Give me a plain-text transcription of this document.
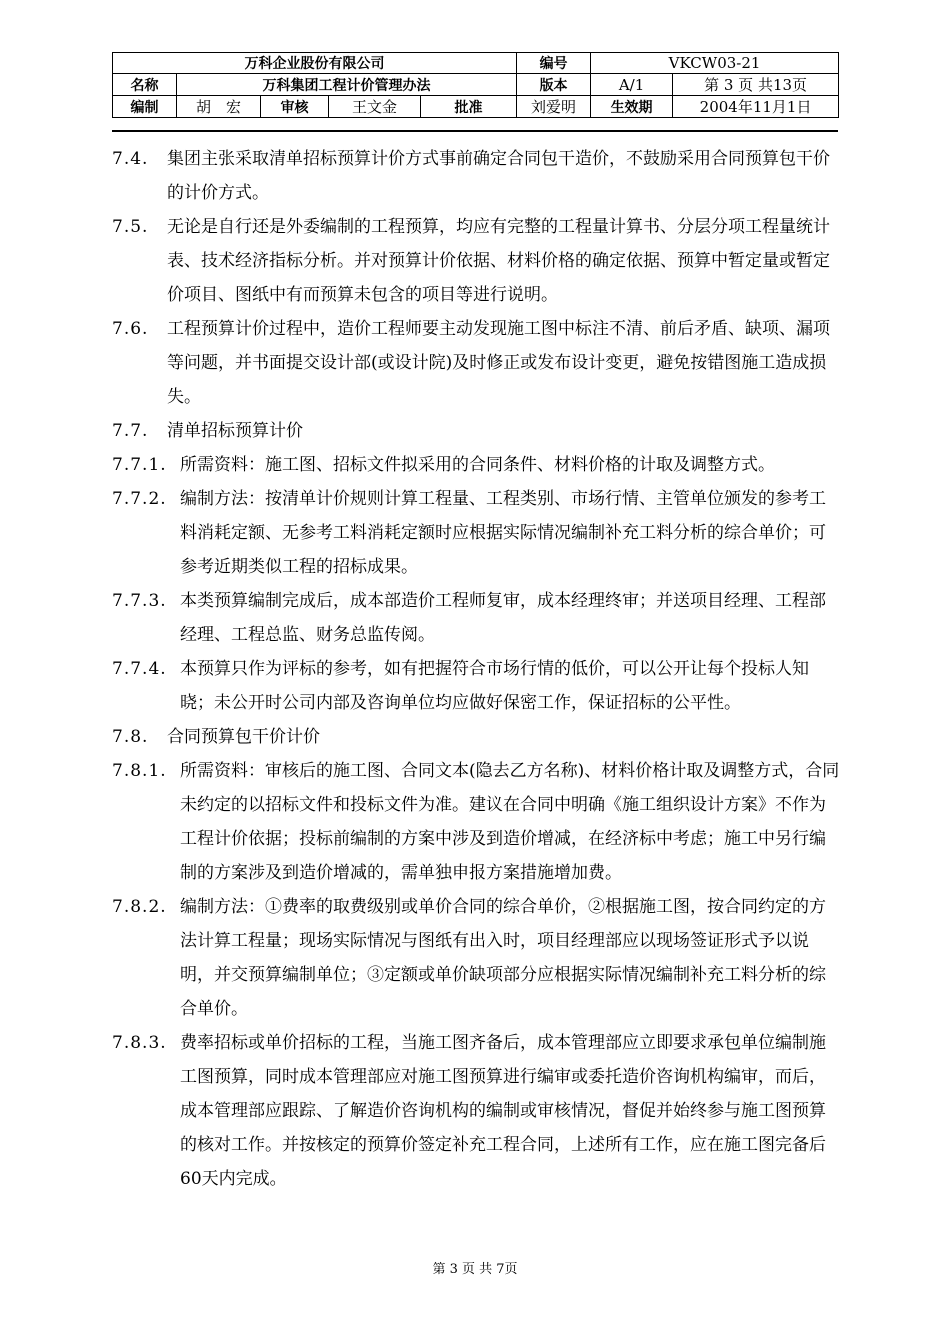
万科企业股份有限公司					编号	VKCW03-21	
名称	万科集团工程计价管理办法				版本	A/1	第 3 页 共13页
编制	胡　宏	审核	王文金	批准	刘爱明	生效期	2004年11月1日
7.4.	集团主张采取清单招标预算计价方式事前确定合同包干造价，不鼓励采用合同预算包干价的计价方式。
7.5.	无论是自行还是外委编制的工程预算，均应有完整的工程量计算书、分层分项工程量统计表、技术经济指标分析。并对预算计价依据、材料价格的确定依据、预算中暂定量或暂定价项目、图纸中有而预算未包含的项目等进行说明。
7.6.	工程预算计价过程中，造价工程师要主动发现施工图中标注不清、前后矛盾、缺项、漏项等问题，并书面提交设计部(或设计院)及时修正或发布设计变更，避免按错图施工造成损失。
7.7.	清单招标预算计价
7.7.1. 所需资料：施工图、招标文件拟采用的合同条件、材料价格的计取及调整方式。
7.7.2. 编制方法：按清单计价规则计算工程量、工程类别、市场行情、主管单位颁发的参考工料消耗定额、无参考工料消耗定额时应根据实际情况编制补充工料分析的综合单价；可参考近期类似工程的招标成果。
7.7.3. 本类预算编制完成后，成本部造价工程师复审，成本经理终审；并送项目经理、工程部经理、工程总监、财务总监传阅。
7.7.4. 本预算只作为评标的参考，如有把握符合市场行情的低价，可以公开让每个投标人知晓；未公开时公司内部及咨询单位均应做好保密工作，保证招标的公平性。
7.8.	合同预算包干价计价
7.8.1. 所需资料：审核后的施工图、合同文本(隐去乙方名称)、材料价格计取及调整方式，合同未约定的以招标文件和投标文件为准。建议在合同中明确《施工组织设计方案》不作为工程计价依据；投标前编制的方案中涉及到造价增减，在经济标中考虑；施工中另行编制的方案涉及到造价增减的，需单独申报方案措施增加费。
7.8.2. 编制方法：①费率的取费级别或单价合同的综合单价，②根据施工图，按合同约定的方法计算工程量；现场实际情况与图纸有出入时，项目经理部应以现场签证形式予以说明，并交预算编制单位；③定额或单价缺项部分应根据实际情况编制补充工料分析的综合单价。
7.8.3. 费率招标或单价招标的工程，当施工图齐备后，成本管理部应立即要求承包单位编制施工图预算，同时成本管理部应对施工图预算进行编审或委托造价咨询机构编审，而后，成本管理部应跟踪、了解造价咨询机构的编制或审核情况，督促并始终参与施工图预算的核对工作。并按核定的预算价签定补充工程合同，上述所有工作，应在施工图完备后60天内完成。
第 3 页 共 7页
